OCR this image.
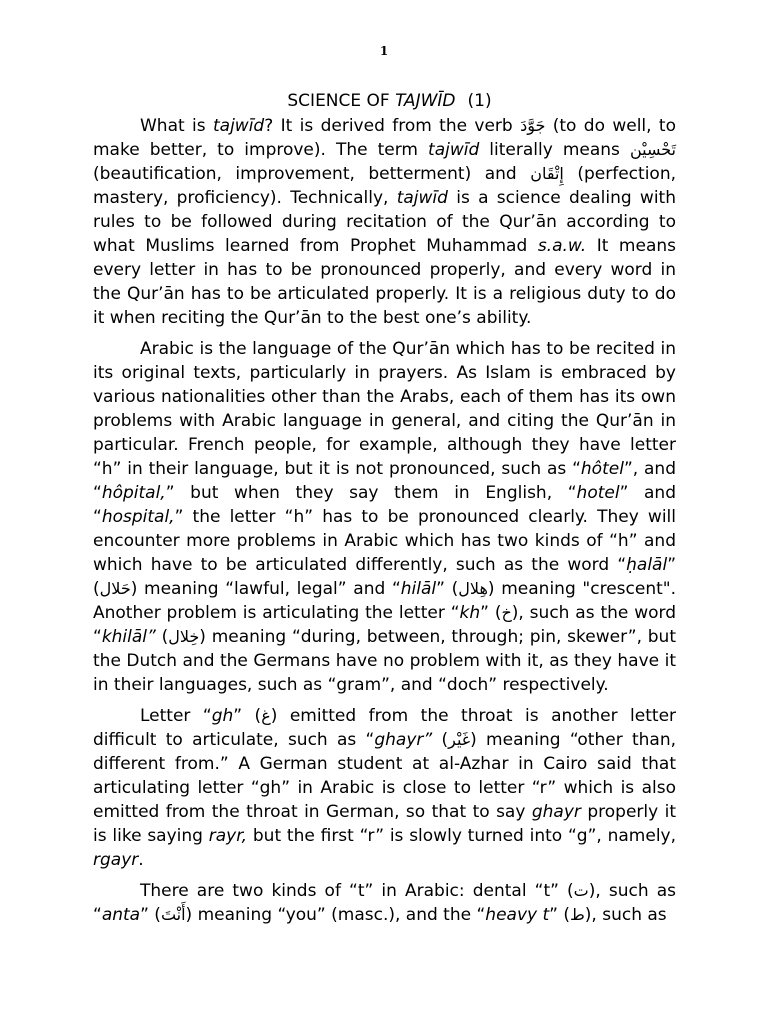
1
SCIENCE OF TAJWĪD (1)

What is tajwīd? It is derived from the verb جَوَّدَ (to do well, to make better, to improve). The term tajwīd literally means تَحْسِيْن (beautification, improvement, betterment) and إِتْقَان (perfection, mastery, proficiency). Technically, tajwīd is a science dealing with rules to be followed during recitation of the Qur’ān according to what Muslims learned from Prophet Muhammad s.a.w. It means every letter in has to be pronounced properly, and every word in the Qur’ān has to be articulated properly. It is a religious duty to do it when reciting the Qur’ān to the best one’s ability.

Arabic is the language of the Qur’ān which has to be recited in its original texts, particularly in prayers. As Islam is embraced by various nationalities other than the Arabs, each of them has its own problems with Arabic language in general, and citing the Qur’ān in particular. French people, for example, although they have letter “h” in their language, but it is not pronounced, such as “hôtel”, and “hôpital,” but when they say them in English, “hotel” and “hospital,” the letter “h” has to be pronounced clearly. They will encounter more problems in Arabic which has two kinds of “h” and which have to be articulated differently, such as the word “ḥalāl” (حَلال) meaning “lawful, legal” and “hilāl” (هِلال) meaning "crescent". Another problem is articulating the letter “kh” (خ), such as the word “khilāl” (خِلال) meaning “during, between, through; pin, skewer”, but the Dutch and the Germans have no problem with it, as they have it in their languages, such as “gram”, and “doch” respectively.

Letter “gh” (غ) emitted from the throat is another letter difficult to articulate, such as “ghayr” (غَيْر) meaning “other than, different from.” A German student at al-Azhar in Cairo said that articulating letter “gh” in Arabic is close to letter “r” which is also emitted from the throat in German, so that to say ghayr properly it is like saying rayr, but the first “r” is slowly turned into “g”, namely, rgayr.

There are two kinds of “t” in Arabic: dental “t” (ت), such as “anta” (أَنْتَ) meaning “you” (masc.), and the “heavy t” (ط), such as
